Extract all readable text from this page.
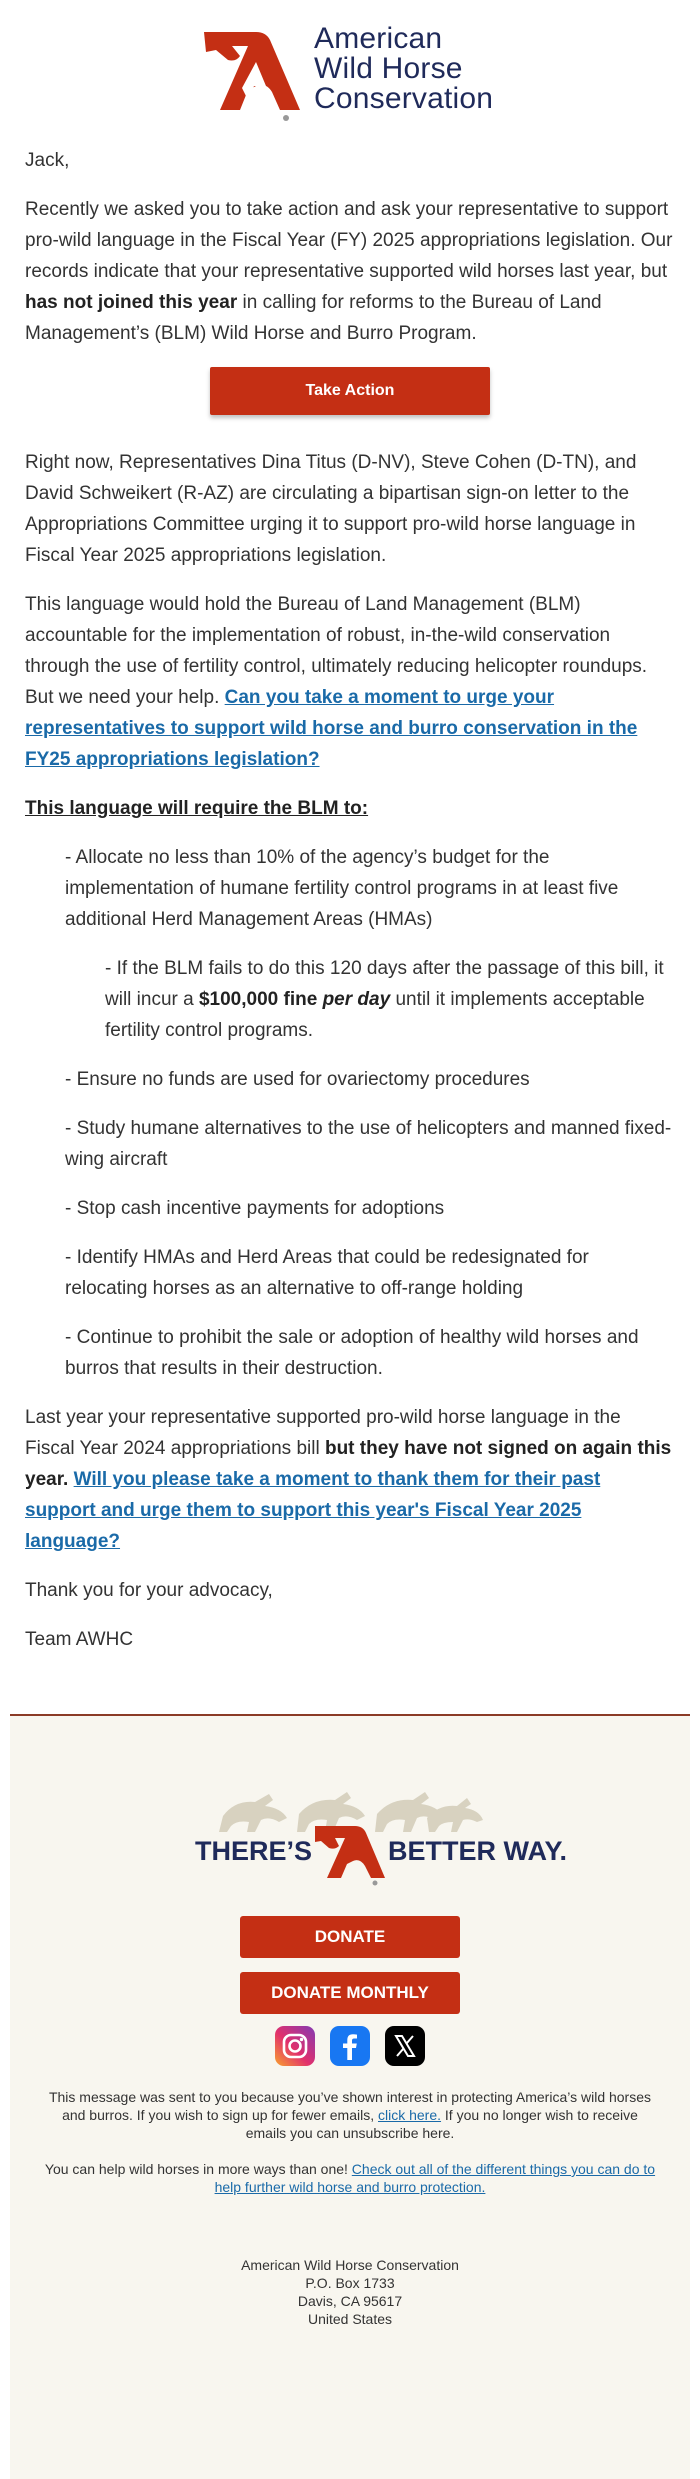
American
Wild Horse
Conservation

Jack,

Recently we asked you to take action and ask your representative to support pro-wild language in the Fiscal Year (FY) 2025 appropriations legislation. Our records indicate that your representative supported wild horses last year, but has not joined this year in calling for reforms to the Bureau of Land Management’s (BLM) Wild Horse and Burro Program.

Take Action

Right now, Representatives Dina Titus (D-NV), Steve Cohen (D-TN), and David Schweikert (R-AZ) are circulating a bipartisan sign-on letter to the Appropriations Committee urging it to support pro-wild horse language in Fiscal Year 2025 appropriations legislation.

This language would hold the Bureau of Land Management (BLM) accountable for the implementation of robust, in-the-wild conservation through the use of fertility control, ultimately reducing helicopter roundups. But we need your help. Can you take a moment to urge your representatives to support wild horse and burro conservation in the FY25 appropriations legislation?

This language will require the BLM to:

- Allocate no less than 10% of the agency’s budget for the implementation of humane fertility control programs in at least five additional Herd Management Areas (HMAs)

- If the BLM fails to do this 120 days after the passage of this bill, it will incur a $100,000 fine per day until it implements acceptable fertility control programs.

- Ensure no funds are used for ovariectomy procedures

- Study humane alternatives to the use of helicopters and manned fixed-wing aircraft

- Stop cash incentive payments for adoptions

- Identify HMAs and Herd Areas that could be redesignated for relocating horses as an alternative to off-range holding

- Continue to prohibit the sale or adoption of healthy wild horses and burros that results in their destruction.

Last year your representative supported pro-wild horse language in the Fiscal Year 2024 appropriations bill but they have not signed on again this year. Will you please take a moment to thank them for their past support and urge them to support this year's Fiscal Year 2025 language?

Thank you for your advocacy,

Team AWHC

THERE’S	BETTER WAY.
DONATE
DONATE MONTHLY
This message was sent to you because you’ve shown interest in protecting America’s wild horses and burros. If you wish to sign up for fewer emails, click here. If you no longer wish to receive emails you can unsubscribe here.
You can help wild horses in more ways than one! Check out all of the different things you can do to help further wild horse and burro protection.
American Wild Horse Conservation
P.O. Box 1733
Davis, CA 95617
United States
